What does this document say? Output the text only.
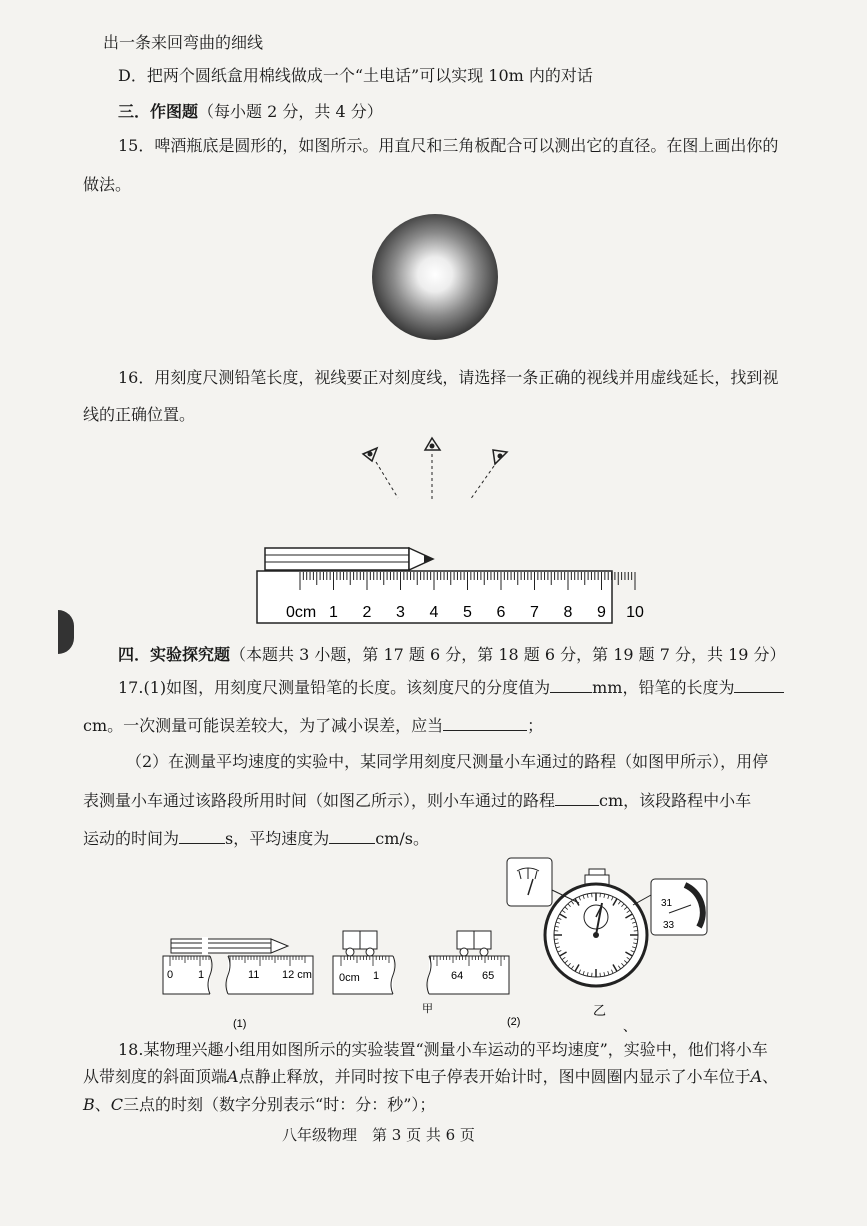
出一条来回弯曲的细线
D．把两个圆纸盒用棉线做成一个“土电话”可以实现 10m 内的对话
三．作图题（每小题 2 分，共 4 分）
15．啤酒瓶底是圆形的，如图所示。用直尺和三角板配合可以测出它的直径。在图上画出你的
做法。
16．用刻度尺测铅笔长度，视线要正对刻度线，请选择一条正确的视线并用虚线延长，找到视
线的正确位置。
0cm 1 2 3 4 5 6 7 8 9 10
四．实验探究题（本题共 3 小题，第 17 题 6 分，第 18 题 6 分，第 19 题 7 分，共 19 分）
17.(1)如图，用刻度尺测量铅笔的长度。该刻度尺的分度值为	mm，铅笔的长度为
cm。一次测量可能误差较大，为了减小误差，应当	；
（2）在测量平均速度的实验中，某同学用刻度尺测量小车通过的路程（如图甲所示），用停
表测量小车通过该路段所用时间（如图乙所示），则小车通过的路程	cm，该段路程中小车
运动的时间为	s，平均速度为	cm/s。
0 1	11 12 cm 0cm 1	64 65
31
33
(1)	(2)
甲	乙
、
18.某物理兴趣小组用如图所示的实验装置“测量小车运动的平均速度”，实验中，他们将小车
从带刻度的斜面顶端A点静止释放，并同时按下电子停表开始计时，图中圆圈内显示了小车位于A、
B、C三点的时刻（数字分别表示“时：分：秒”）；
八年级物理　第 3 页 共 6 页
